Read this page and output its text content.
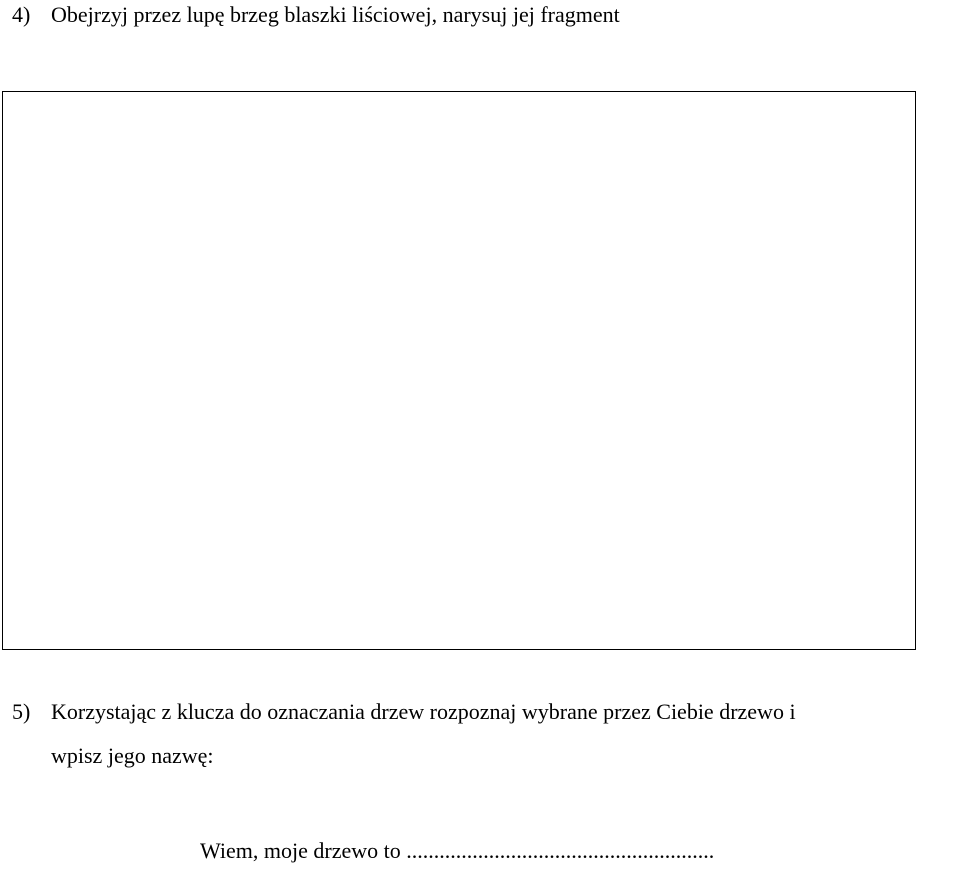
4) Obejrzyj przez lupę brzeg blaszki liściowej, narysuj jej fragment
5) Korzystając z klucza do oznaczania drzew rozpoznaj wybrane przez Ciebie drzewo i
wpisz jego nazwę:
Wiem, moje drzewo to ........................................................
